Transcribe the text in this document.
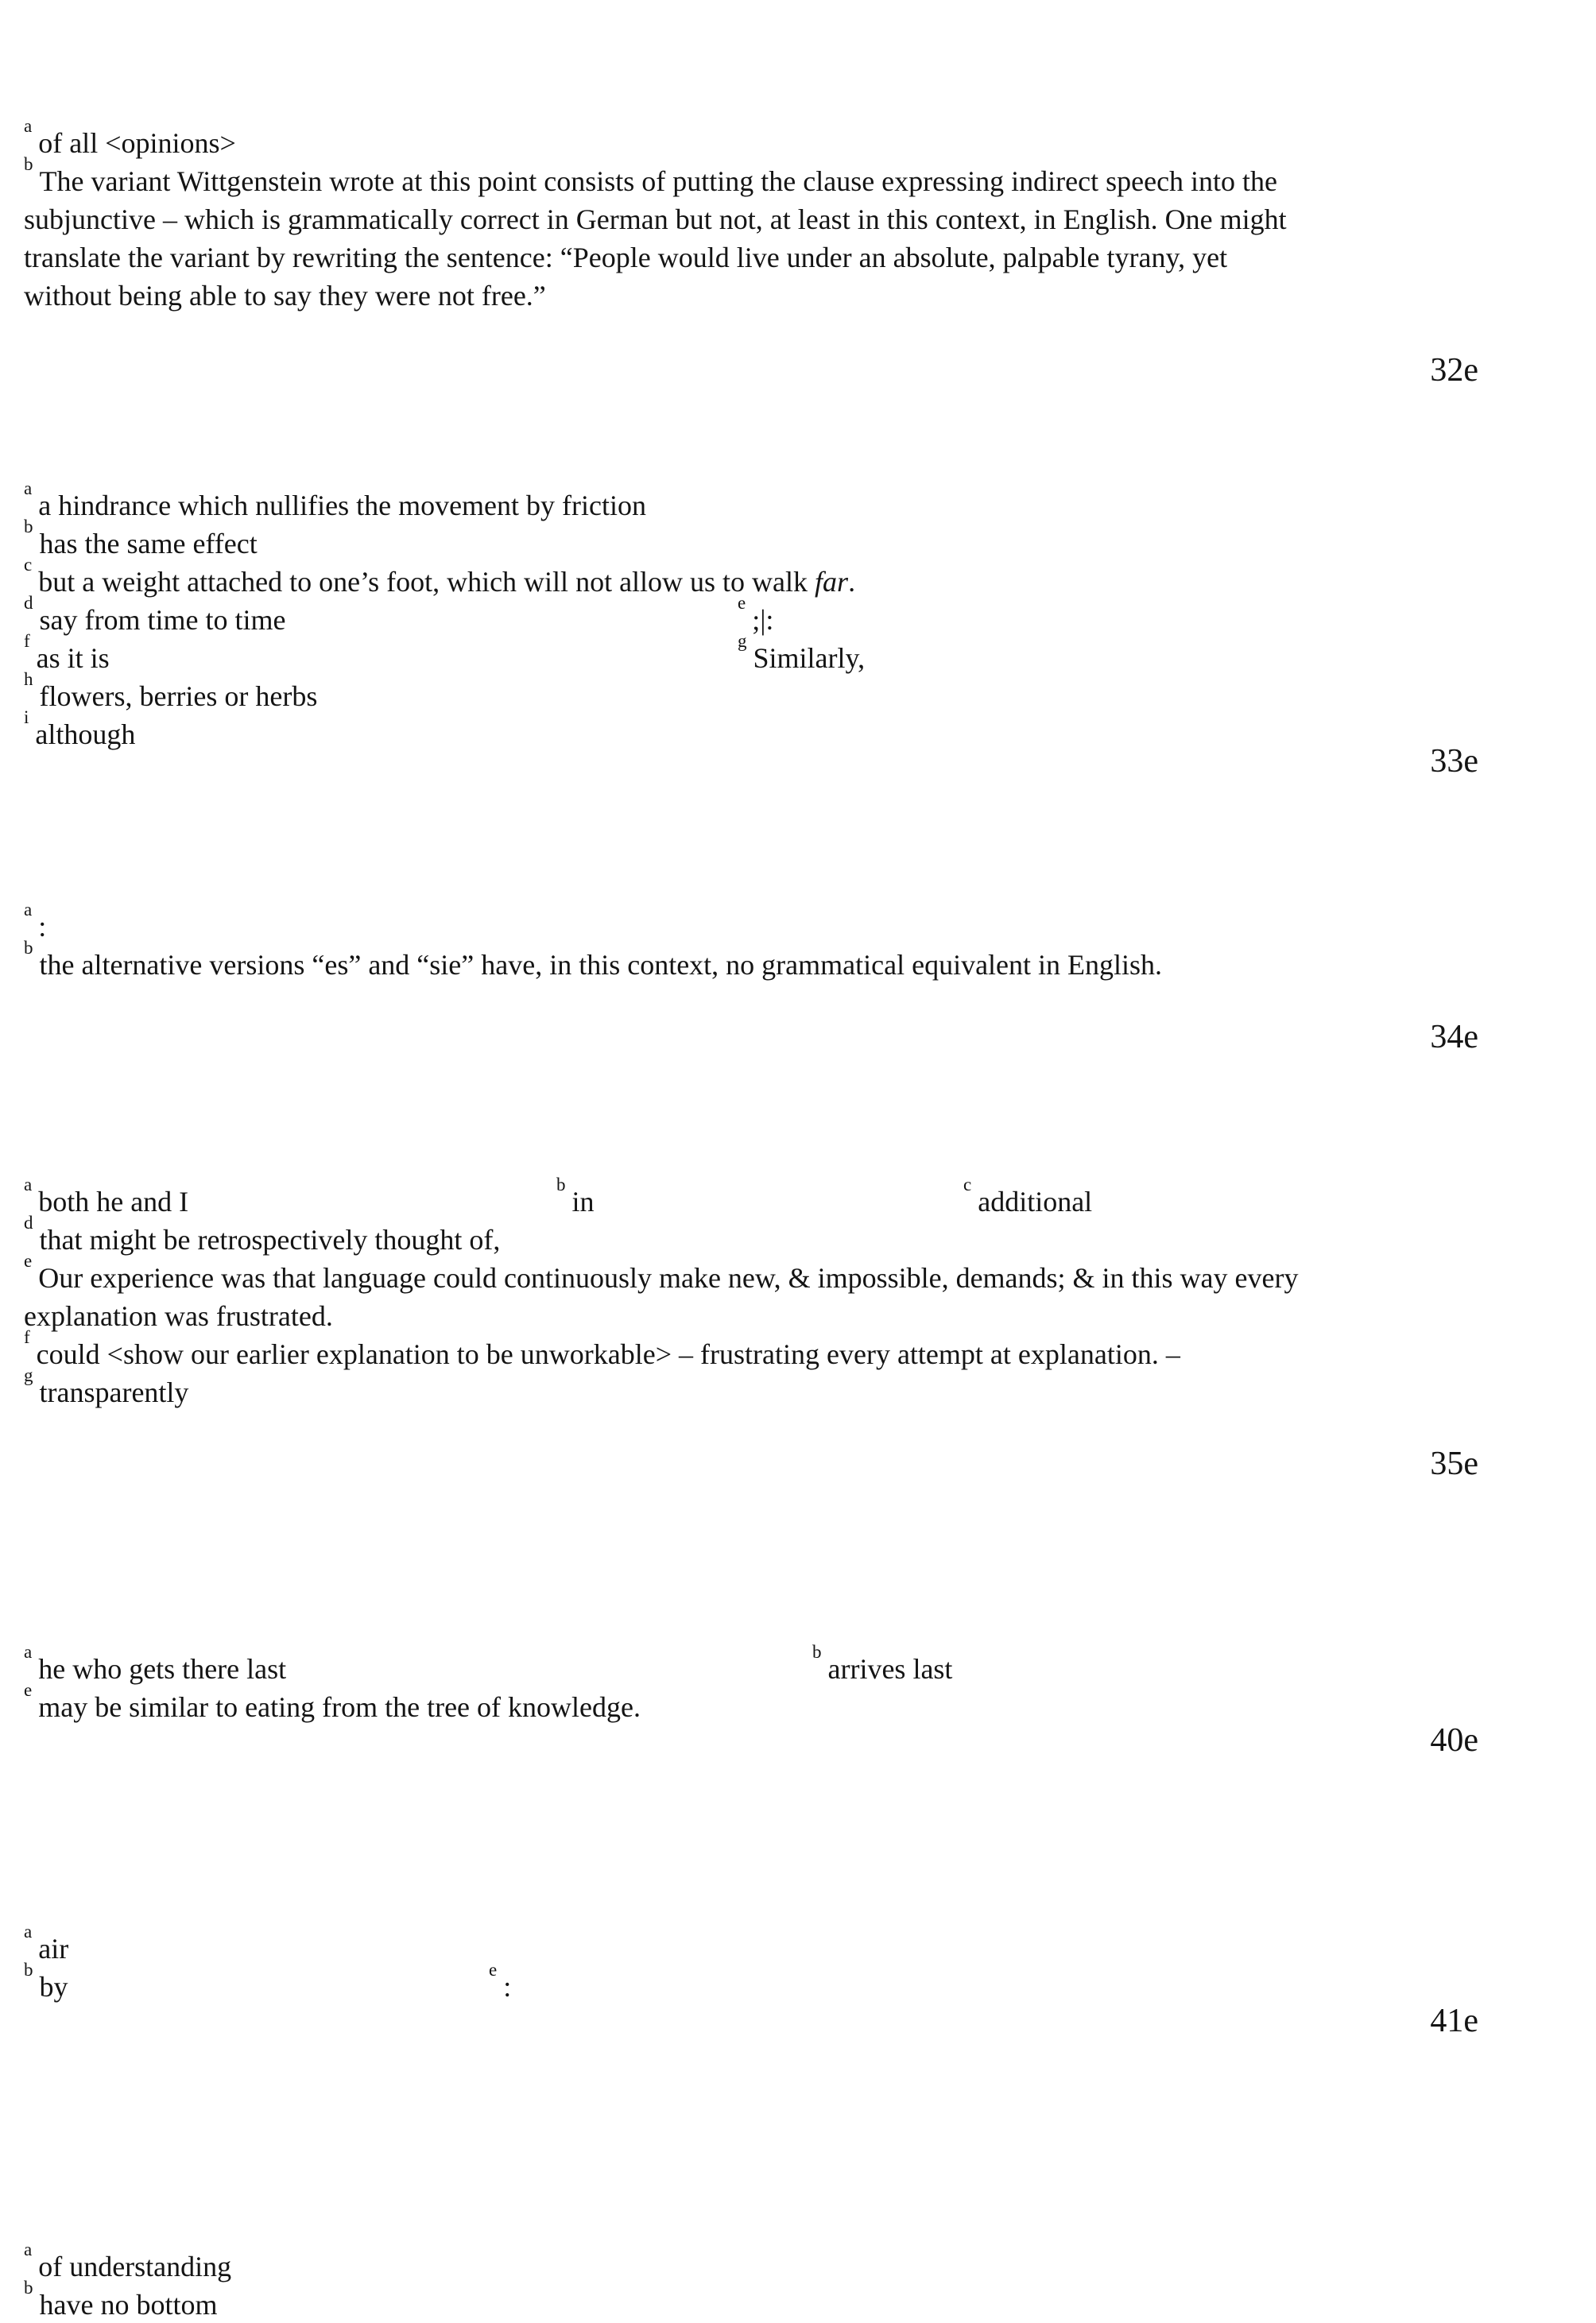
$^a$of all <opinions>

$^b$The variant Wittgenstein wrote at this point consists of putting the clause expressing indirect speech into the subjunctive – which is grammatically correct in German but not, at least in this context, in English. One might translate the variant by rewriting the sentence: “People would live under an absolute, palpable tyrany, yet without being able to say they were not free.”

32e

$^a$a hindrance which nullifies the movement by friction

$^b$has the same effect

$^c$but a weight attached to one’s foot, which will not allow us to walk far.

$^d$say from time to time
$^e$;|:

$^f$as it is
$^g$Similarly,

$^h$flowers, berries or herbs

$^i$although

33e

$^a$:

$^b$the alternative versions “es” and “sie” have, in this context, no grammatical equivalent in English.

34e

$^a$both he and I
$^b$in
$^c$additional

$^d$that might be retrospectively thought of,

$^e$Our experience was that language could continuously make new, & impossible, demands; & in this way every explanation was frustrated.

$^f$could <show our earlier explanation to be unworkable> – frustrating every attempt at explanation. –

$^g$transparently

35e

$^a$he who gets there last
$^b$arrives last

$^e$may be similar to eating from the tree of knowledge.

40e

$^a$air

$^b$by
$^e$:

41e

$^a$of understanding

$^b$have no bottom
